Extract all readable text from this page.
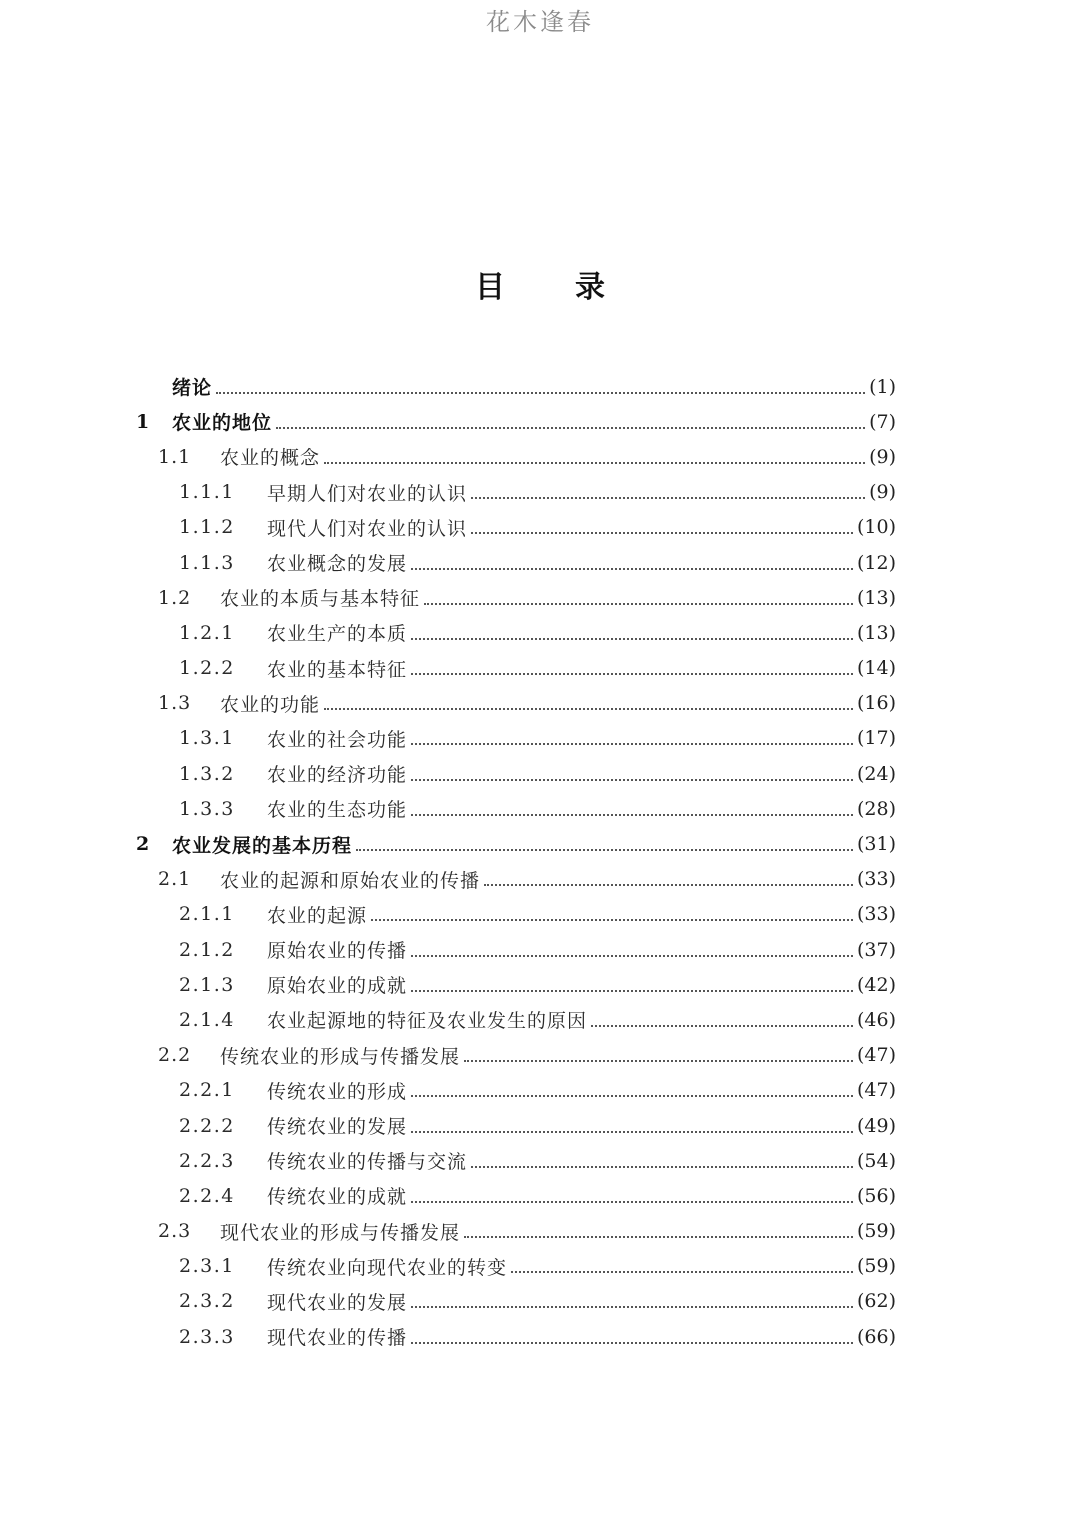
花木逢春
目录
绪论	(1)
1	农业的地位	(7)
1.1	农业的概念	(9)
1.1.1	早期人们对农业的认识	(9)
1.1.2	现代人们对农业的认识	(10)
1.1.3	农业概念的发展	(12)
1.2	农业的本质与基本特征	(13)
1.2.1	农业生产的本质	(13)
1.2.2	农业的基本特征	(14)
1.3	农业的功能	(16)
1.3.1	农业的社会功能	(17)
1.3.2	农业的经济功能	(24)
1.3.3	农业的生态功能	(28)
2	农业发展的基本历程	(31)
2.1	农业的起源和原始农业的传播	(33)
2.1.1	农业的起源	(33)
2.1.2	原始农业的传播	(37)
2.1.3	原始农业的成就	(42)
2.1.4	农业起源地的特征及农业发生的原因	(46)
2.2	传统农业的形成与传播发展	(47)
2.2.1	传统农业的形成	(47)
2.2.2	传统农业的发展	(49)
2.2.3	传统农业的传播与交流	(54)
2.2.4	传统农业的成就	(56)
2.3	现代农业的形成与传播发展	(59)
2.3.1	传统农业向现代农业的转变	(59)
2.3.2	现代农业的发展	(62)
2.3.3	现代农业的传播	(66)
